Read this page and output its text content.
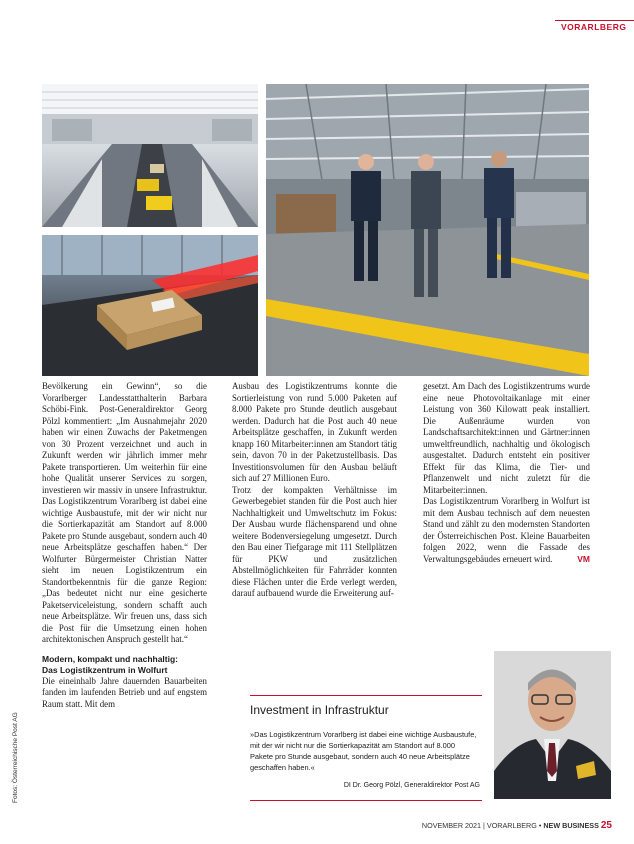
VORARLBERG
Fotos: Österreichische Post AG

Bevölkerung ein Gewinn“, so die Vorarlberger Landesstatthalterin Barbara Schöbi-Fink. Post-Generaldirektor Georg Pölzl kommentiert: „Im Ausnahmejahr 2020 haben wir einen Zuwachs der Paketmengen von 30 Prozent verzeichnet und auch in Zukunft werden wir jährlich immer mehr Pakete transportieren. Um weiterhin für eine hohe Qualität unserer Services zu sorgen, investieren wir massiv in unsere Infrastruktur. Das Logistikzentrum Vorarlberg ist dabei eine wichtige Ausbaustufe, mit der wir nicht nur die Sortierkapazität am Standort auf 8.000 Pakete pro Stunde ausgebaut, sondern auch 40 neue Arbeitsplätze geschaffen haben.“ Der Wolfurter Bürgermeister Christian Natter sieht im neuen Logistikzentrum ein Standortbekenntnis für die ganze Region: „Das bedeutet nicht nur eine gesicherte Paketserviceleistung, sondern schafft auch neue Arbeitsplätze. Wir freuen uns, dass sich die Post für die Umsetzung einen hohen architektonischen Anspruch gestellt hat.“

Modern, kompakt und nachhaltig:
Das Logistikzentrum in Wolfurt

Die eineinhalb Jahre dauernden Bauarbeiten fanden im laufenden Betrieb und auf engstem Raum statt. Mit dem

Ausbau des Logistikzentrums konnte die Sortierleistung von rund 5.000 Paketen auf 8.000 Pakete pro Stunde deutlich ausgebaut werden. Dadurch hat die Post auch 40 neue Arbeitsplätze geschaffen, in Zukunft werden knapp 160 Mitarbeiter:innen am Standort tätig sein, davon 70 in der Paketzustellbasis. Das Investitionsvolumen für den Ausbau beläuft sich auf 27 Millionen Euro.

Trotz der kompakten Verhältnisse im Gewerbegebiet standen für die Post auch hier Nachhaltigkeit und Umweltschutz im Fokus: Der Ausbau wurde flächensparend und ohne weitere Bodenversiegelung umgesetzt. Durch den Bau einer Tiefgarage mit 111 Stellplätzen für PKW und zusätzlichen Abstellmöglichkeiten für Fahrräder konnten diese Flächen unter die Erde verlegt werden, darauf aufbauend wurde die Erweiterung auf-

gesetzt. Am Dach des Logistikzentrums wurde eine neue Photovoltaikanlage mit einer Leistung von 360 Kilowatt peak installiert. Die Außenräume wurden von Landschaftsarchitekt:innen und Gärtner:innen umweltfreundlich, nachhaltig und ökologisch ausgestaltet. Dadurch entsteht ein positiver Effekt für das Klima, die Tier- und Pflanzenwelt und nicht zuletzt für die Mitarbeiter:innen.

Das Logistikzentrum Vorarlberg in Wolfurt ist mit dem Ausbau technisch auf dem neuesten Stand und zählt zu den modernsten Standorten der Österreichischen Post. Kleine Bauarbeiten folgen 2022, wenn die Fassade des Verwaltungsgebäudes erneuert wird.	VM

Investment in Infrastruktur
»Das Logistikzentrum Vorarlberg ist dabei eine wichtige Ausbaustufe, mit der wir nicht nur die Sortierkapazität am Standort auf 8.000 Pakete pro Stunde ausgebaut, sondern auch 40 neue Arbeitsplätze geschaffen haben.«
DI Dr. Georg Pölzl, Generaldirektor Post AG
NOVEMBER 2021 | VORARLBERG • NEW BUSINESS 25
